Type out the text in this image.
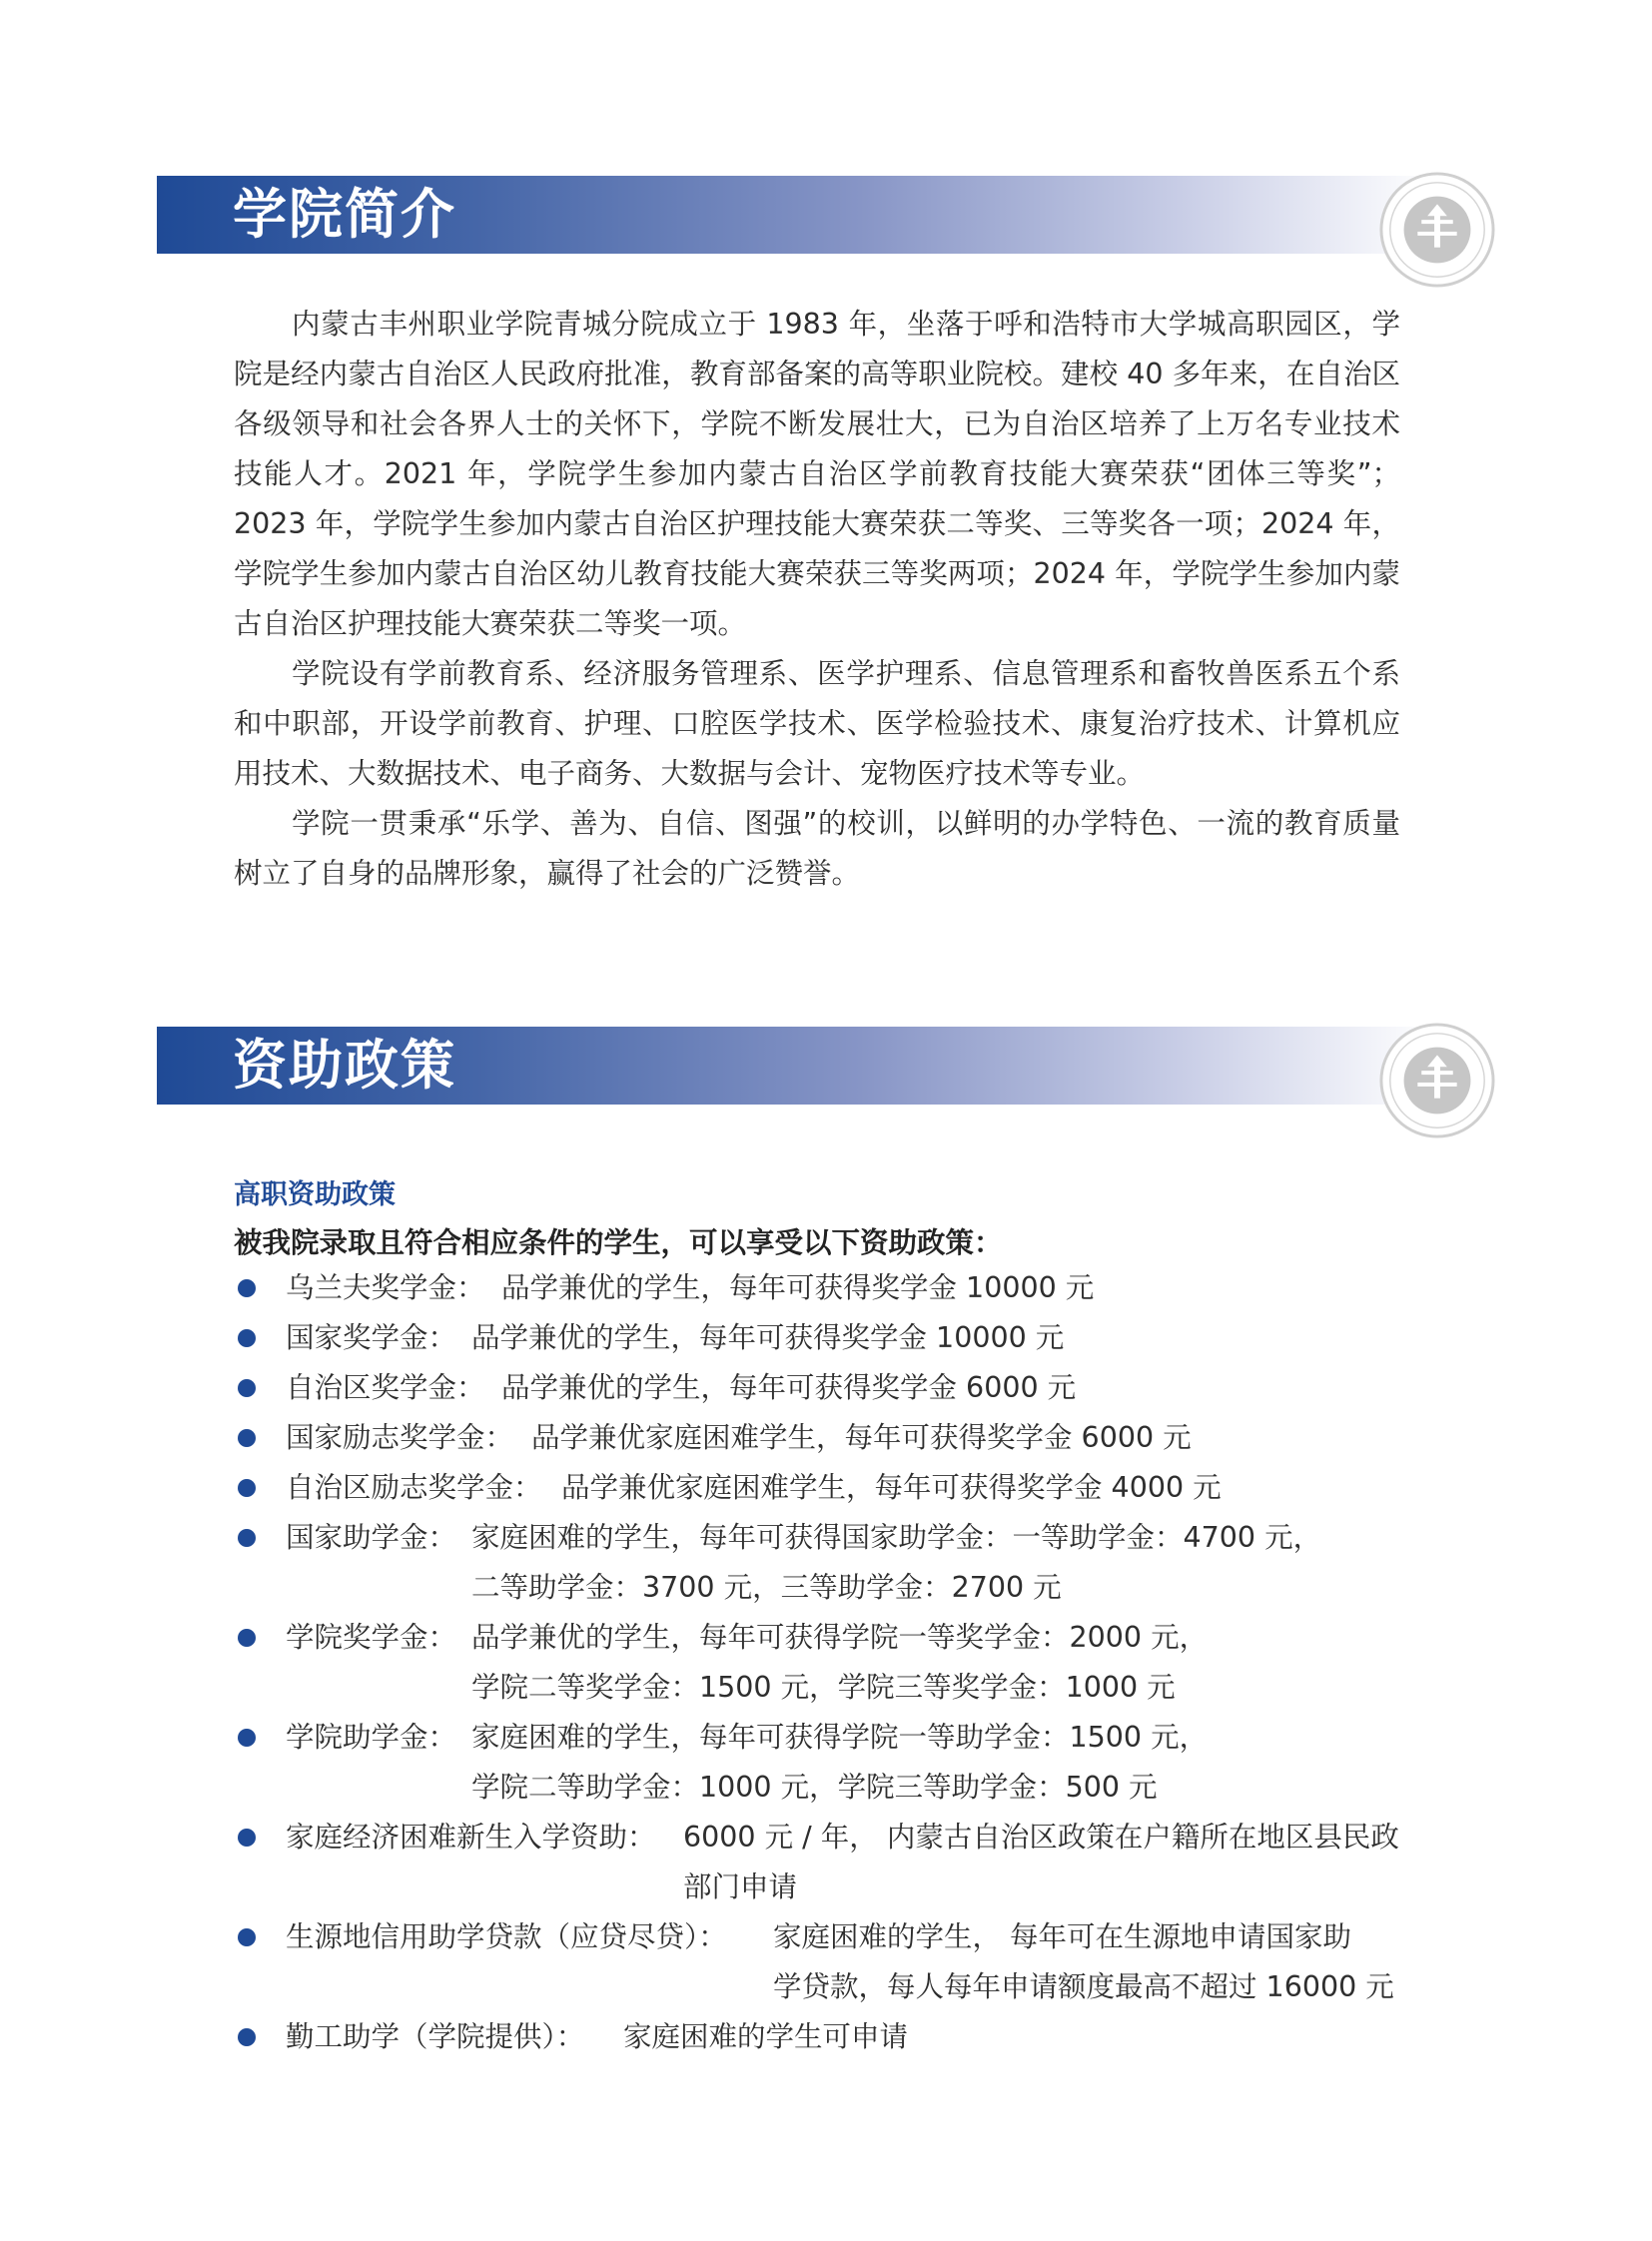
学院简介

内蒙古丰州职业学院青城分院成立于 1983 年，坐落于呼和浩特市大学城高职园区，学院是经内蒙古自治区人民政府批准，教育部备案的高等职业院校。建校 40 多年来，在自治区各级领导和社会各界人士的关怀下，学院不断发展壮大，已为自治区培养了上万名专业技术技能人才。2021 年，学院学生参加内蒙古自治区学前教育技能大赛荣获“团体三等奖”；2023 年，学院学生参加内蒙古自治区护理技能大赛荣获二等奖、三等奖各一项；2024 年，学院学生参加内蒙古自治区幼儿教育技能大赛荣获三等奖两项；2024 年，学院学生参加内蒙古自治区护理技能大赛荣获二等奖一项。

学院设有学前教育系、经济服务管理系、医学护理系、信息管理系和畜牧兽医系五个系和中职部，开设学前教育、护理、口腔医学技术、医学检验技术、康复治疗技术、计算机应用技术、大数据技术、电子商务、大数据与会计、宠物医疗技术等专业。

学院一贯秉承“乐学、善为、自信、图强”的校训，以鲜明的办学特色、一流的教育质量树立了自身的品牌形象，赢得了社会的广泛赞誉。

资助政策
高职资助政策

被我院录取且符合相应条件的学生，可以享受以下资助政策：

乌兰夫奖学金： 品学兼优的学生，每年可获得奖学金 10000 元
国家奖学金： 品学兼优的学生，每年可获得奖学金 10000 元
自治区奖学金： 品学兼优的学生，每年可获得奖学金 6000 元
国家励志奖学金： 品学兼优家庭困难学生，每年可获得奖学金 6000 元
自治区励志奖学金： 品学兼优家庭困难学生，每年可获得奖学金 4000 元
国家助学金： 家庭困难的学生，每年可获得国家助学金：一等助学金：4700 元，
二等助学金：3700 元，三等助学金：2700 元
学院奖学金： 品学兼优的学生，每年可获得学院一等奖学金：2000 元，
学院二等奖学金：1500 元，学院三等奖学金：1000 元
学院助学金： 家庭困难的学生，每年可获得学院一等助学金：1500 元，
学院二等助学金：1000 元，学院三等助学金：500 元
家庭经济困难新生入学资助： 6000 元 / 年， 内蒙古自治区政策在户籍所在地区县民政
部门申请
生源地信用助学贷款（应贷尽贷）： 家庭困难的学生， 每年可在生源地申请国家助
学贷款，每人每年申请额度最高不超过 16000 元
勤工助学（学院提供）： 家庭困难的学生可申请
